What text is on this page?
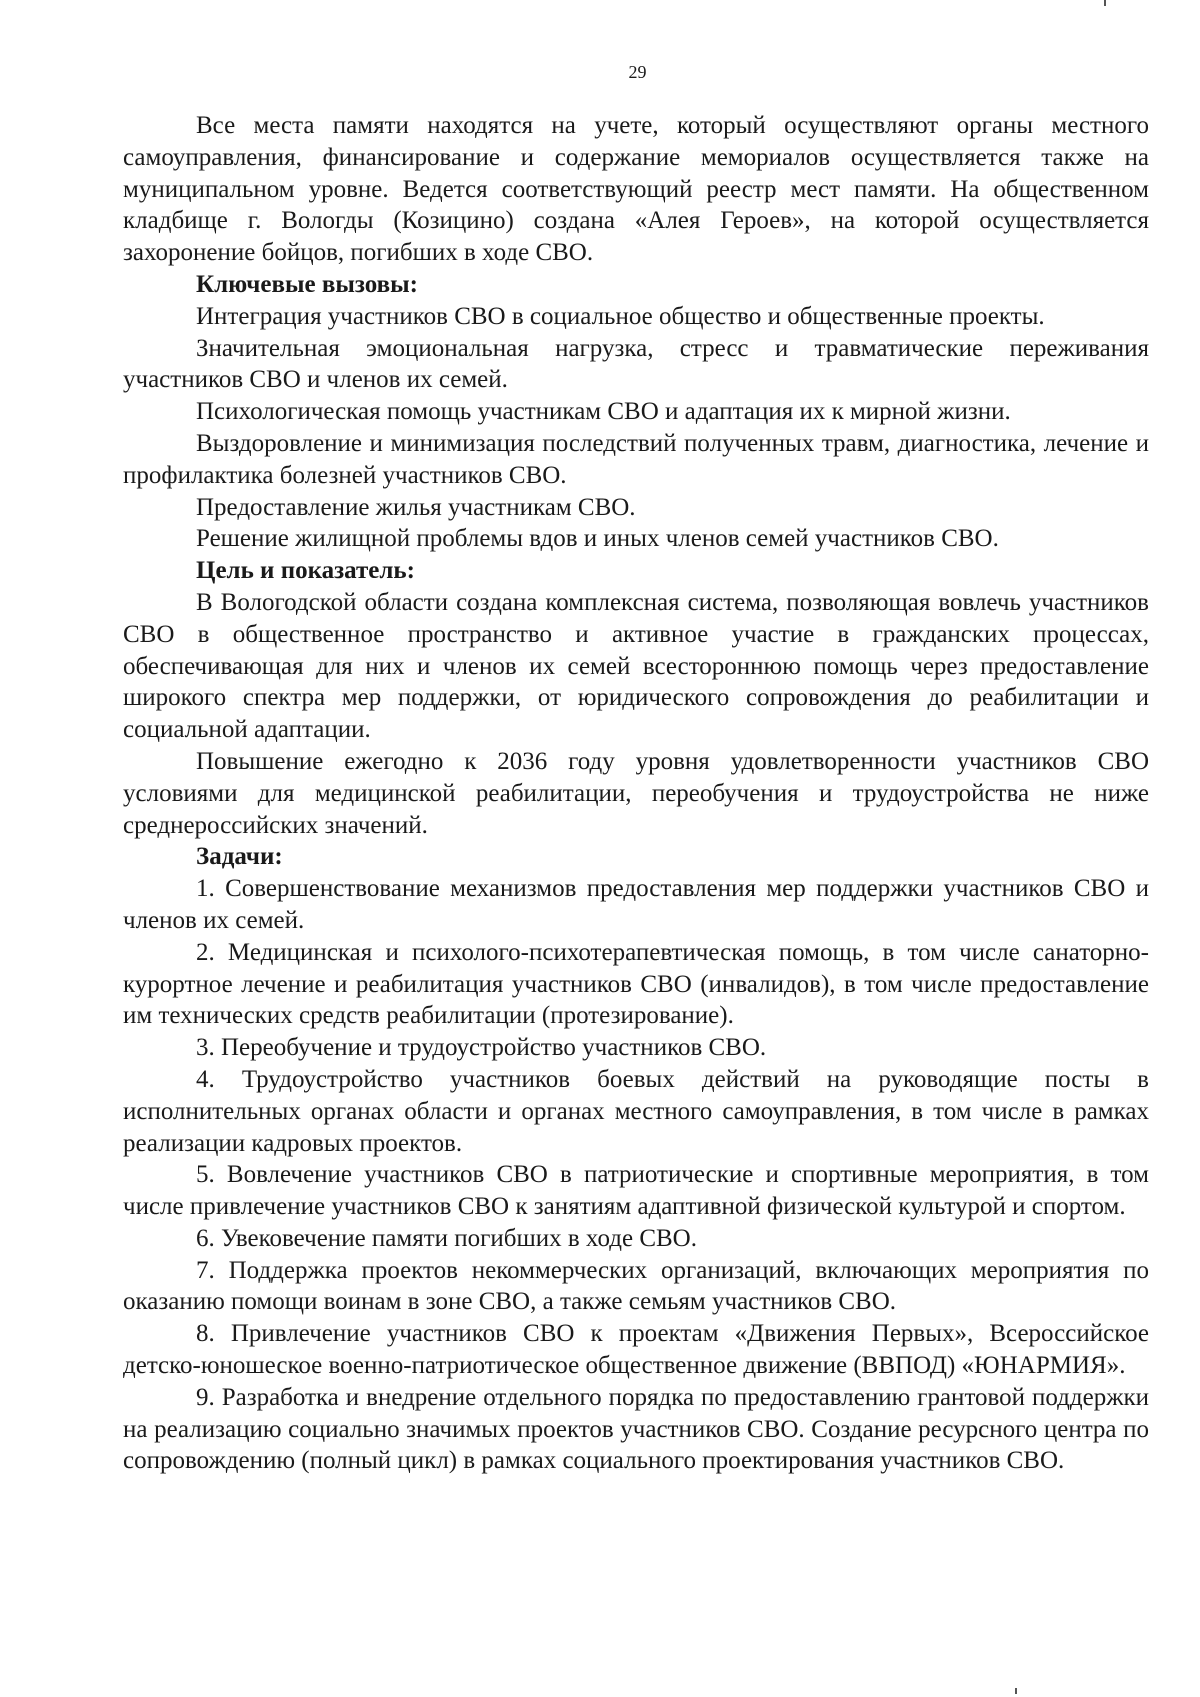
29

Все места памяти находятся на учете, который осуществляют органы местного самоуправления, финансирование и содержание мемориалов осуществляется также на муниципальном уровне. Ведется соответствующий реестр мест памяти. На общественном кладбище г. Вологды (Козицино) создана «Алея Героев», на которой осуществляется захоронение бойцов, погибших в ходе СВО.

Ключевые вызовы:

Интеграция участников СВО в социальное общество и общественные проекты.

Значительная эмоциональная нагрузка, стресс и травматические переживания участников СВО и членов их семей.

Психологическая помощь участникам СВО и адаптация их к мирной жизни.

Выздоровление и минимизация последствий полученных травм, диагностика, лечение и профилактика болезней участников СВО.

Предоставление жилья участникам СВО.

Решение жилищной проблемы вдов и иных членов семей участников СВО.

Цель и показатель:

В Вологодской области создана комплексная система, позволяющая вовлечь участников СВО в общественное пространство и активное участие в гражданских процессах, обеспечивающая для них и членов их семей всестороннюю помощь через предоставление широкого спектра мер поддержки, от юридического сопровождения до реабилитации и социальной адаптации.

Повышение ежегодно к 2036 году уровня удовлетворенности участников СВО условиями для медицинской реабилитации, переобучения и трудоустройства не ниже среднероссийских значений.

Задачи:

1. Совершенствование механизмов предоставления мер поддержки участников СВО и членов их семей.

2. Медицинская и психолого-психотерапевтическая помощь, в том числе санаторно-курортное лечение и реабилитация участников СВО (инвалидов), в том числе предоставление им технических средств реабилитации (протезирование).

3. Переобучение и трудоустройство участников СВО.

4. Трудоустройство участников боевых действий на руководящие посты в исполнительных органах области и органах местного самоуправления, в том числе в рамках реализации кадровых проектов.

5. Вовлечение участников СВО в патриотические и спортивные мероприятия, в том числе привлечение участников СВО к занятиям адаптивной физической культурой и спортом.

6. Увековечение памяти погибших в ходе СВО.

7. Поддержка проектов некоммерческих организаций, включающих мероприятия по оказанию помощи воинам в зоне СВО, а также семьям участников СВО.

8. Привлечение участников СВО к проектам «Движения Первых», Всероссийское детско-юношеское военно-патриотическое общественное движение (ВВПОД) «ЮНАРМИЯ».

9. Разработка и внедрение отдельного порядка по предоставлению грантовой поддержки на реализацию социально значимых проектов участников СВО. Создание ресурсного центра по сопровождению (полный цикл) в рамках социального проектирования участников СВО.
